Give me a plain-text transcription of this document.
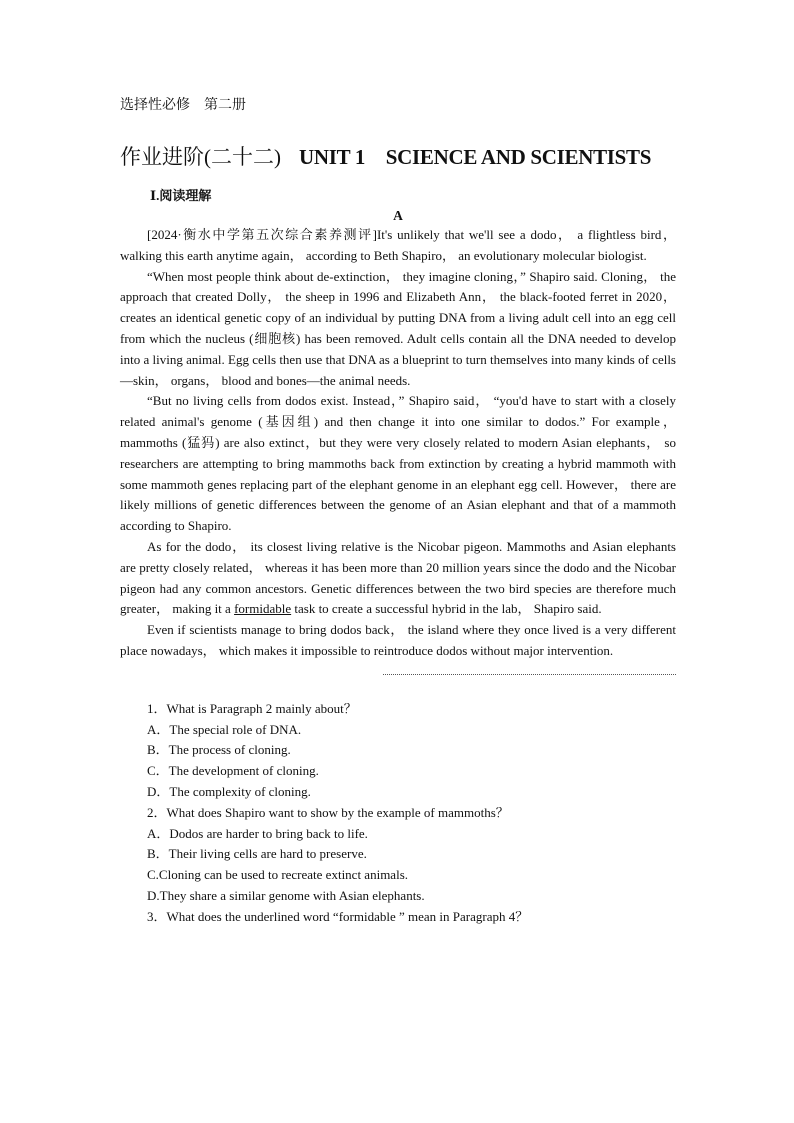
选择性必修　第二册
作业进阶(二十二) UNIT 1　SCIENCE AND SCIENTISTS
Ⅰ.阅读理解
A

[2024·衡水中学第五次综合素养测评]It's unlikely that we'll see a dodo， a flightless bird，walking this earth anytime again， according to Beth Shapiro， an evolutionary molecular biologist.

“When most people think about de-extinction， they imagine cloning，” Shapiro said. Cloning， the approach that created Dolly， the sheep in 1996 and Elizabeth Ann， the black-footed ferret in 2020， creates an identical genetic copy of an individual by putting DNA from a living adult cell into an egg cell from which the nucleus (细胞核) has been removed. Adult cells contain all the DNA needed to develop into a living animal. Egg cells then use that DNA as a blueprint to turn themselves into many kinds of cells—skin， organs， blood and bones—the animal needs.

“But no living cells from dodos exist. Instead，” Shapiro said， “you'd have to start with a closely related animal's genome (基因组) and then change it into one similar to dodos.” For example， mammoths (猛犸) are also extinct，but they were very closely related to modern Asian elephants， so researchers are attempting to bring mammoths back from extinction by creating a hybrid mammoth with some mammoth genes replacing part of the elephant genome in an elephant egg cell. However， there are likely millions of genetic differences between the genome of an Asian elephant and that of a mammoth according to Shapiro.

As for the dodo， its closest living relative is the Nicobar pigeon. Mammoths and Asian elephants are pretty closely related， whereas it has been more than 20 million years since the dodo and the Nicobar pigeon had any common ancestors. Genetic differences between the two bird species are therefore much greater， making it a formidable task to create a successful hybrid in the lab， Shapiro said.

Even if scientists manage to bring dodos back， the island where they once lived is a very different place nowadays， which makes it impossible to reintroduce dodos without major intervention.

1．What is Paragraph 2 mainly about？
A．The special role of DNA.
B．The process of cloning.
C．The development of cloning.
D．The complexity of cloning.
2．What does Shapiro want to show by the example of mammoths？
A．Dodos are harder to bring back to life.
B．Their living cells are hard to preserve.
C.Cloning can be used to recreate extinct animals.
D.They share a similar genome with Asian elephants.
3．What does the underlined word “formidable ” mean in Paragraph 4？
